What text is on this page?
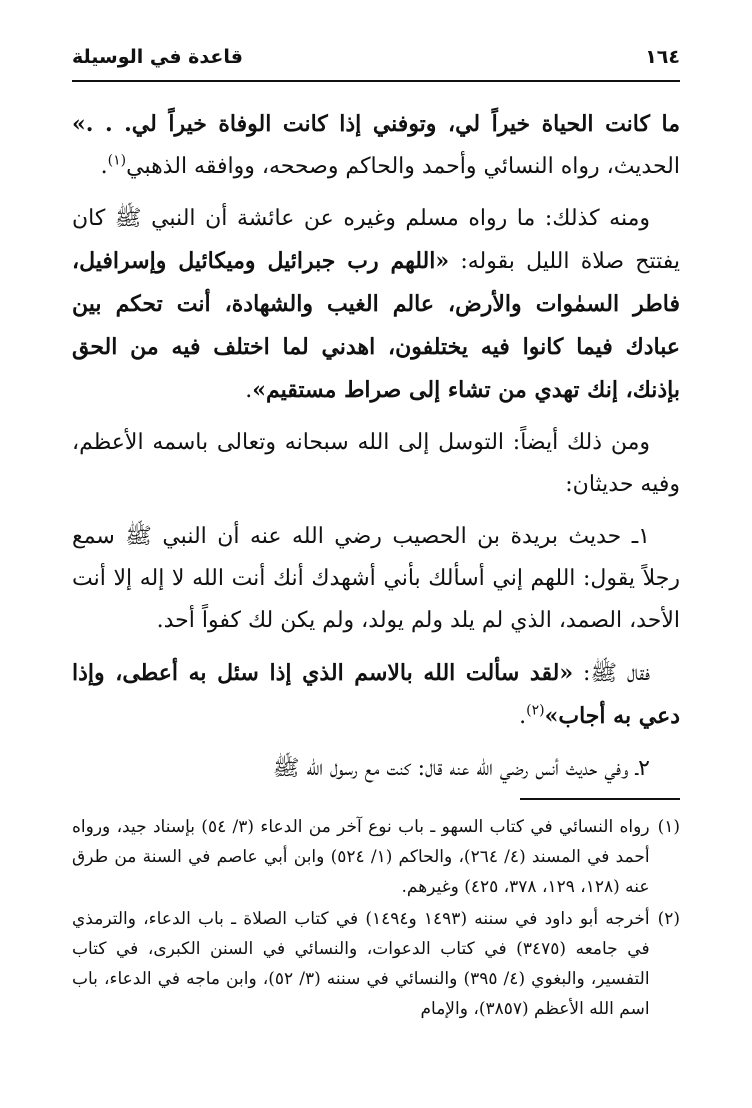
١٦٤
قاعدة في الوسيلة

ما كانت الحياة خيراً لي، وتوفني إذا كانت الوفاة خيراً لي. . .» الحديث، رواه النسائي وأحمد والحاكم وصححه، ووافقه الذهبي$^{(١)}$.

ومنه كذلك: ما رواه مسلم وغيره عن عائشة أن النبي ﷺ كان يفتتح صلاة الليل بقوله: «اللهم رب جبرائيل وميكائيل وإسرافيل، فاطر السمٰوات والأرض، عالم الغيب والشهادة، أنت تحكم بين عبادك فيما كانوا فيه يختلفون، اهدني لما اختلف فيه من الحق بإذنك، إنك تهدي من تشاء إلى صراط مستقيم».

ومن ذلك أيضاً: التوسل إلى الله سبحانه وتعالى باسمه الأعظم، وفيه حديثان:

١ـ حديث بريدة بن الحصيب رضي الله عنه أن النبي ﷺ سمع رجلاً يقول: اللهم إني أسألك بأني أشهدك أنك أنت الله لا إله إلا أنت الأحد، الصمد، الذي لم يلد ولم يولد، ولم يكن لك كفواً أحد.

فقال ﷺ: «لقد سألت الله بالاسم الذي إذا سئل به أعطى، وإذا دعي به أجاب»$^{(٢)}$.

٢ـ وفي حديث أنس رضي الله عنه قال: كنت مع رسول الله ﷺ

(١)
رواه النسائي في كتاب السهو ـ باب نوع آخر من الدعاء (٣/ ٥٤) بإسناد جيد، ورواه أحمد في المسند (٤/ ٢٦٤)، والحاكم (١/ ٥٢٤) وابن أبي عاصم في السنة من طرق عنه (١٢٨، ١٢٩، ٣٧٨، ٤٢٥) وغيرهم.
(٢)
أخرجه أبو داود في سننه (١٤٩٣ و١٤٩٤) في كتاب الصلاة ـ باب الدعاء، والترمذي في جامعه (٣٤٧٥) في كتاب الدعوات، والنسائي في السنن الكبرى، في كتاب التفسير، والبغوي (٤/ ٣٩٥) والنسائي في سننه (٣/ ٥٢)، وابن ماجه في الدعاء، باب اسم الله الأعظم (٣٨٥٧)، والإمام
